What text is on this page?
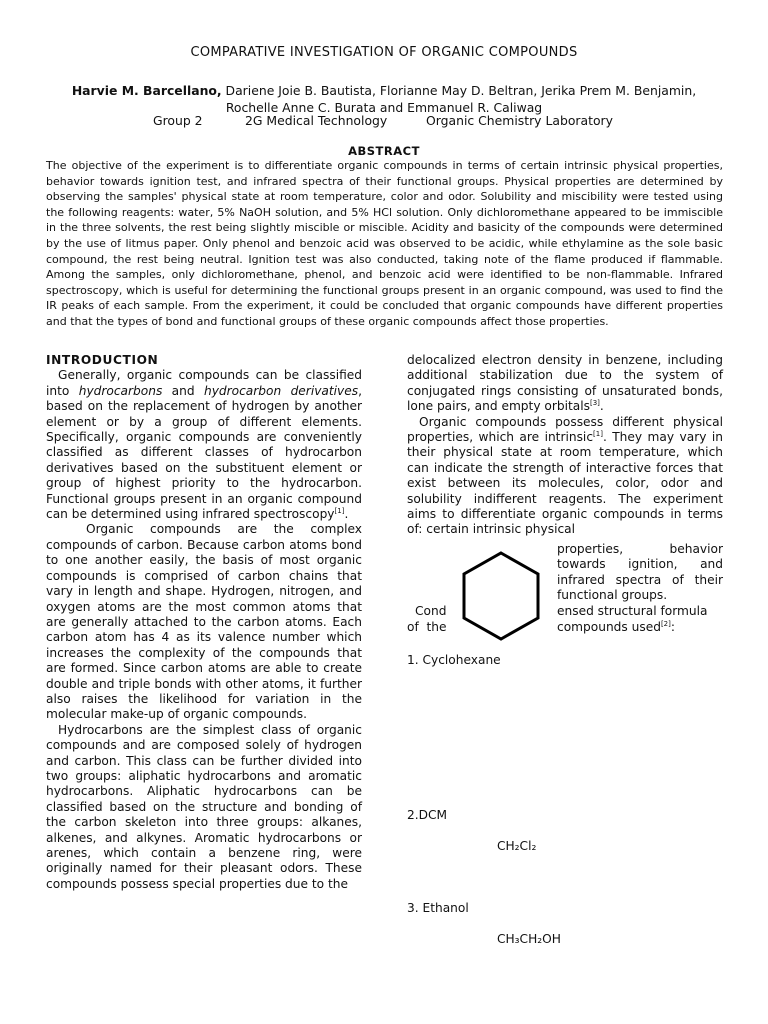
COMPARATIVE INVESTIGATION OF ORGANIC COMPOUNDS
Harvie M. Barcellano, Dariene Joie B. Bautista, Florianne May D. Beltran, Jerika Prem M. Benjamin,
Rochelle Anne C. Burata and Emmanuel R. Caliwag
Group 2	2G Medical Technology	Organic Chemistry Laboratory
ABSTRACT
The objective of the experiment is to differentiate organic compounds in terms of certain intrinsic physical properties, behavior towards ignition test, and infrared spectra of their functional groups. Physical properties are determined by observing the samples' physical state at room temperature, color and odor. Solubility and miscibility were tested using the following reagents: water, 5% NaOH solution, and 5% HCl solution. Only dichloromethane appeared to be immiscible in the three solvents, the rest being slightly miscible or miscible. Acidity and basicity of the compounds were determined by the use of litmus paper. Only phenol and benzoic acid was observed to be acidic, while ethylamine as the sole basic compound, the rest being neutral. Ignition test was also conducted, taking note of the flame produced if flammable. Among the samples, only dichloromethane, phenol, and benzoic acid were identified to be non-flammable. Infrared spectroscopy, which is useful for determining the functional groups present in an organic compound, was used to find the IR peaks of each sample. From the experiment, it could be concluded that organic compounds have different properties and that the types of bond and functional groups of these organic compounds affect those properties.

INTRODUCTION

Generally, organic compounds can be classified into hydrocarbons and hydrocarbon derivatives, based on the replacement of hydrogen by another element or by a group of different elements. Specifically, organic compounds are conveniently classified as different classes of hydrocarbon derivatives based on the substituent element or group of highest priority to the hydrocarbon. Functional groups present in an organic compound can be determined using infrared spectroscopy[1].

Organic compounds are the complex compounds of carbon. Because carbon atoms bond to one another easily, the basis of most organic compounds is comprised of carbon chains that vary in length and shape. Hydrogen, nitrogen, and oxygen atoms are the most common atoms that are generally attached to the carbon atoms. Each carbon atom has 4 as its valence number which increases the complexity of the compounds that are formed. Since carbon atoms are able to create double and triple bonds with other atoms, it further also raises the likelihood for variation in the molecular make-up of organic compounds.

Hydrocarbons are the simplest class of organic compounds and are composed solely of hydrogen and carbon. This class can be further divided into two groups: aliphatic hydrocarbons and aromatic hydrocarbons. Aliphatic hydrocarbons can be classified based on the structure and bonding of the carbon skeleton into three groups: alkanes, alkenes, and alkynes. Aromatic hydrocarbons or arenes, which contain a benzene ring, were originally named for their pleasant odors. These compounds possess special properties due to the

delocalized electron density in benzene, including additional stabilization due to the system of conjugated rings consisting of unsaturated bonds, lone pairs, and empty orbitals[3].

Organic compounds possess different physical properties, which are intrinsic[1]. They may vary in their physical state at room temperature, which can indicate the strength of interactive forces that exist between its molecules, color, odor and solubility indifferent reagents. The experiment aims to differentiate organic compounds in terms of: certain intrinsic physical

properties, behavior towards ignition, and infrared spectra of their functional groups.
Cond	ensed structural formula
of  the	compounds used[2]:
1. Cyclohexane
2.DCM
CH₂Cl₂
3. Ethanol
CH₃CH₂OH
